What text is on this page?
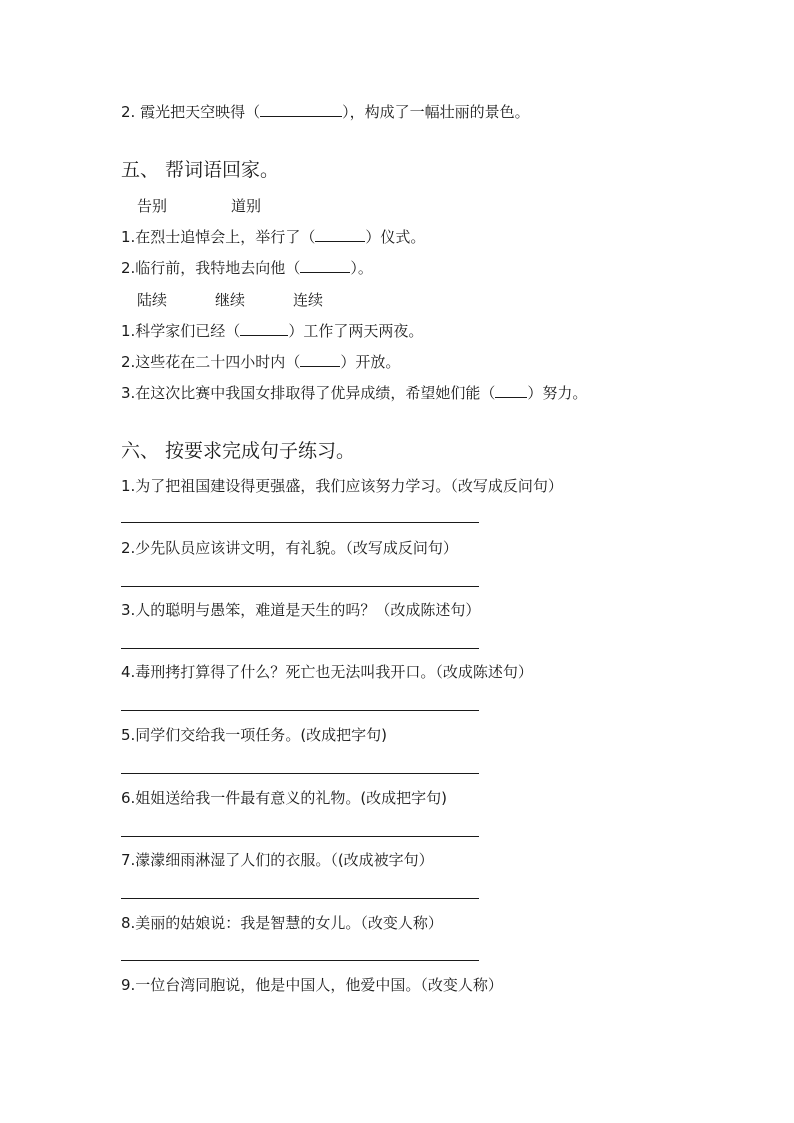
2. 霞光把天空映得（	），构成了一幅壮丽的景色。
五、 帮词语回家。
告别	道别
1.在烈士追悼会上，举行了（	）仪式。
2.临行前，我特地去向他（	）。
陆续	继续	连续
1.科学家们已经（	）工作了两天两夜。
2.这些花在二十四小时内（	）开放。
3.在这次比赛中我国女排取得了优异成绩，希望她们能（ ）努力。
六、 按要求完成句子练习。
1.为了把祖国建设得更强盛，我们应该努力学习。（改写成反问句）
2.少先队员应该讲文明，有礼貌。（改写成反问句）
3.人的聪明与愚笨，难道是天生的吗？（改成陈述句）
4.毒刑拷打算得了什么？死亡也无法叫我开口。（改成陈述句）
5.同学们交给我一项任务。(改成把字句)
6.姐姐送给我一件最有意义的礼物。(改成把字句)
7.濛濛细雨淋湿了人们的衣服。（(改成被字句）
8.美丽的姑娘说：我是智慧的女儿。（改变人称）
9.一位台湾同胞说，他是中国人，他爱中国。（改变人称）
